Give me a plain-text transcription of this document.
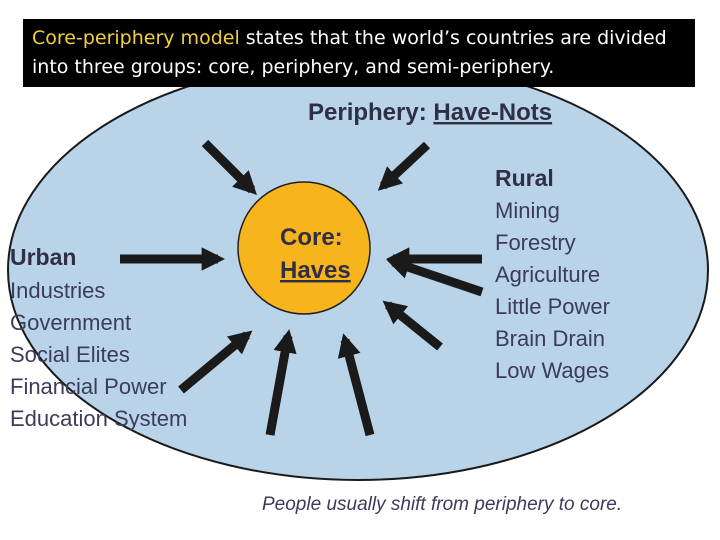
Core-periphery model states that the world’s countries are divided into three groups: core, periphery, and semi-periphery.

Periphery: Have-Nots
Core:
Haves
Urban
Industries
Government
Social Elites
Financial Power
Education System
Rural
Mining
Forestry
Agriculture
Little Power
Brain Drain
Low Wages
People usually shift from periphery to core.
